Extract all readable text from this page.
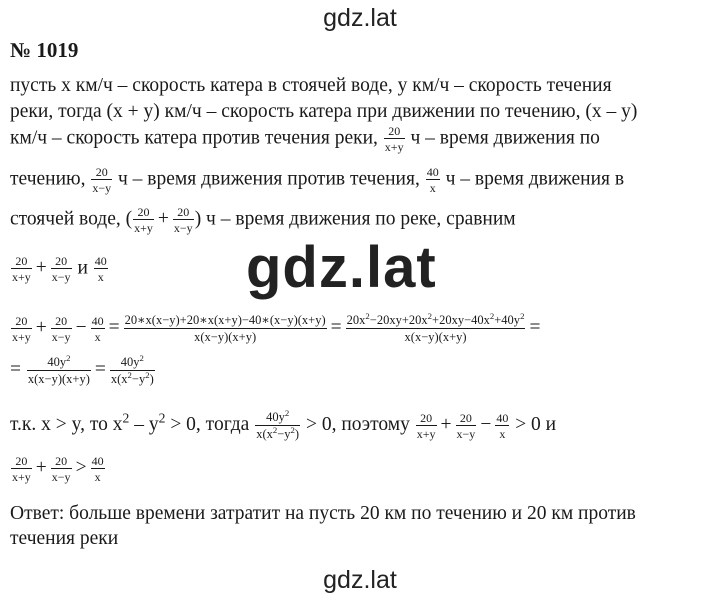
gdz.lat
№ 1019
пусть x км/ч – скорость катера в стоячей воде, y км/ч – скорость течения
реки, тогда (x + y) км/ч – скорость катера при движении по течению, (x – y)
км/ч – скорость катера против течения реки, $\frac{20}{x+y}$ ч – время движения по
течению, $\frac{20}{x-y}$ ч – время движения против течения, $\frac{40}{x}$ ч – время движения в
стоячей воде, ( $\frac{20}{x+y} + \frac{20}{x-y}$ ) ч – время движения по реке, сравним
$\frac{20}{x+y} + \frac{20}{x-y}$ и $\frac{40}{x} gdz.lat$
$\frac{20}{x+y} + \frac{20}{x-y} - \frac{40}{x} = \frac{20∗x(x-y)+20∗x(x+y)-40∗(x-y)(x+y)}{x(x-y)(x+y)} = \frac{20x^2-20xy+20x^2+20xy-40x^2+40y^2}{x(x-y)(x+y)}$ =
= $\frac{40y^2}{x(x-y)(x+y)} = \frac{40y^2}{x(x^2-y^2)}$
т.к. x > y, то $x^2 - y^2 > 0$, тогда $\frac{40y^2}{x(x^2-y^2)} > 0$, поэтому $\frac{20}{x+y} + \frac{20}{x-y} - \frac{40}{x} > 0$ и
$\frac{20}{x+y} + \frac{20}{x-y} > \frac{40}{x}$
Ответ: больше времени затратит на пусть 20 км по течению и 20 км против
течения реки
gdz.lat
